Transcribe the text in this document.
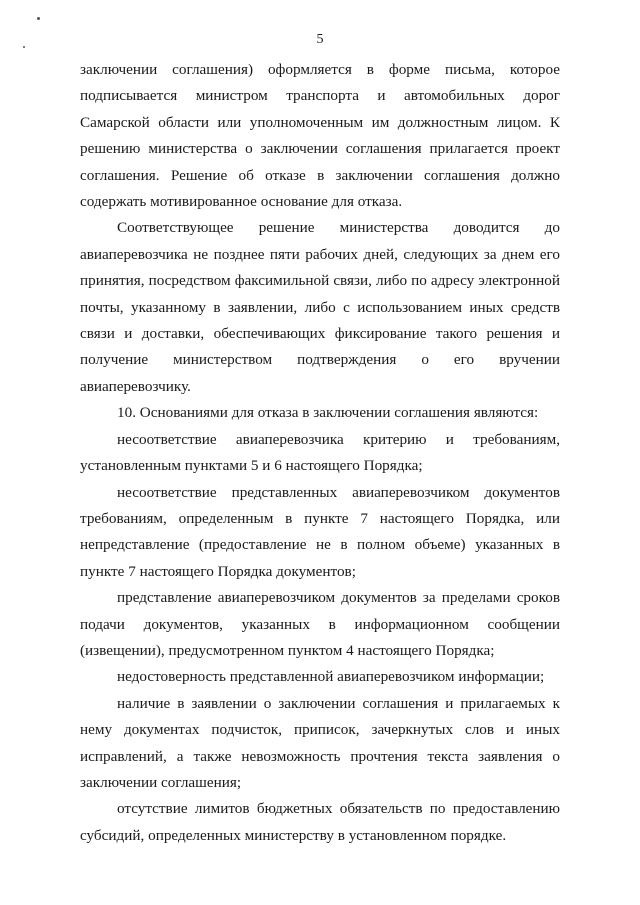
5

заключении соглашения) оформляется в форме письма, которое подписывается министром транспорта и автомобильных дорог Самарской области или уполномоченным им должностным лицом. К решению министерства о заключении соглашения прилагается проект соглашения. Решение об отказе в заключении соглашения должно содержать мотивированное основание для отказа.

Соответствующее решение министерства доводится до авиаперевозчика не позднее пяти рабочих дней, следующих за днем его принятия, посредством факсимильной связи, либо по адресу электронной почты, указанному в заявлении, либо с использованием иных средств связи и доставки, обеспечивающих фиксирование такого решения и получение министерством подтверждения о его вручении авиаперевозчику.

10. Основаниями для отказа в заключении соглашения являются:

несоответствие авиаперевозчика критерию и требованиям, установленным пунктами 5 и 6 настоящего Порядка;

несоответствие представленных авиаперевозчиком документов требованиям, определенным в пункте 7 настоящего Порядка, или непредставление (предоставление не в полном объеме) указанных в пункте 7 настоящего Порядка документов;

представление авиаперевозчиком документов за пределами сроков подачи документов, указанных в информационном сообщении (извещении), предусмотренном пунктом 4 настоящего Порядка;

недостоверность представленной авиаперевозчиком информации;

наличие в заявлении о заключении соглашения и прилагаемых к нему документах подчисток, приписок, зачеркнутых слов и иных исправлений, а также невозможность прочтения текста заявления о заключении соглашения;

отсутствие лимитов бюджетных обязательств по предоставлению субсидий, определенных министерству в установленном порядке.
